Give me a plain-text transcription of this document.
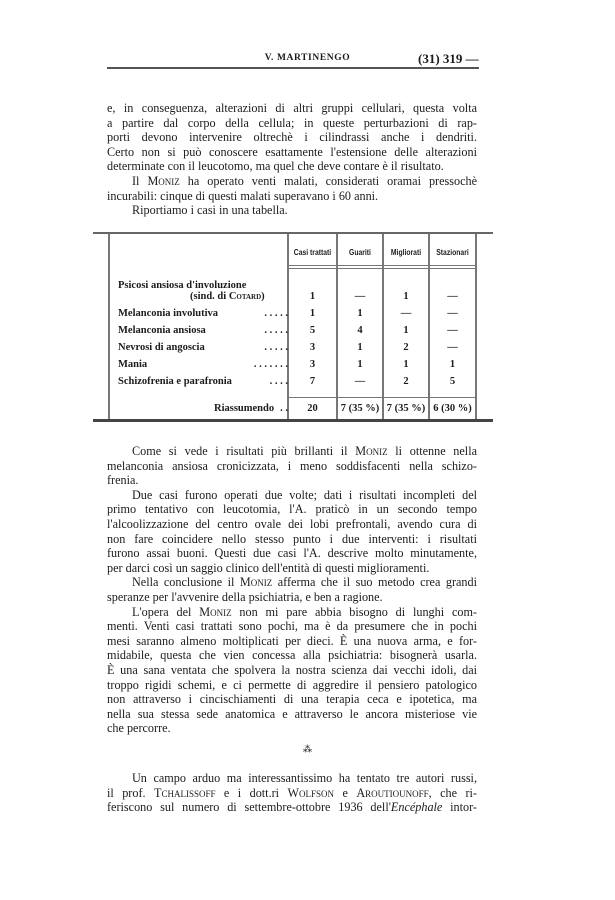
V. MARTINENGO	(31) 319 —
e, in conseguenza, alterazioni di altri gruppi cellulari, questa volta
a partire dal corpo della cellula; in queste perturbazioni di rap-
porti devono intervenire oltrechè i cilindrassi anche i dendriti.
Certo non si può conoscere esattamente l'estensione delle alterazioni
determinate con il leucotomo, ma quel che deve contare è il risultato.
Il Moniz ha operato venti malati, considerati oramai pressochè
incurabili: cinque di questi malati superavano i 60 anni.
Riportiamo i casi in una tabella.
Casi trattati	Guariti	Migliorati Stazionari
Psicosi ansiosa d'involuzione
(sind. di Cotard)	1	—	1	—
Melanconia involutiva	. . . . .	1	1	—	—
Melanconia ansiosa	. . . . .	5	4	1	—
Nevrosi di angoscia	. . . . .	3	1	2	—
Mania	. . . . . . .	3	1	1	1
Schizofrenia e parafronia	. . . .	7	—	2	5
Riassumendo . .	20	7 (35 %) 7 (35 %) 6 (30 %)
Come si vede i risultati più brillanti il Moniz li ottenne nella
melanconia ansiosa cronicizzata, i meno soddisfacenti nella schizo-
frenia.
Due casi furono operati due volte; dati i risultati incompleti del
primo tentativo con leucotomia, l'A. praticò in un secondo tempo
l'alcoolizzazione del centro ovale dei lobi prefrontali, avendo cura di
non fare coincidere nello stesso punto i due interventi: i risultati
furono assai buoni. Questi due casi l'A. descrive molto minutamente,
per darci così un saggio clinico dell'entità di questi miglioramenti.
Nella conclusione il Moniz afferma che il suo metodo crea grandi
speranze per l'avvenire della psichiatria, e ben a ragione.
L'opera del Moniz non mi pare abbia bisogno di lunghi com-
menti. Venti casi trattati sono pochi, ma è da presumere che in pochi
mesi saranno almeno moltiplicati per dieci. È una nuova arma, e for-
midabile, questa che vien concessa alla psichiatria: bisognerà usarla.
È una sana ventata che spolvera la nostra scienza dai vecchi idoli, dai
troppo rigidi schemi, e ci permette di aggredire il pensiero patologico
non attraverso i cincischiamenti di una terapia ceca e ipotetica, ma
nella sua stessa sede anatomica e attraverso le ancora misteriose vie
che percorre.
⁂
Un campo arduo ma interessantissimo ha tentato tre autori russi,
il prof. Tchalissoff e i dott.ri Wolfson e Aroutiounoff, che ri-
feriscono sul numero di settembre-ottobre 1936 dell'Encéphale intor-
